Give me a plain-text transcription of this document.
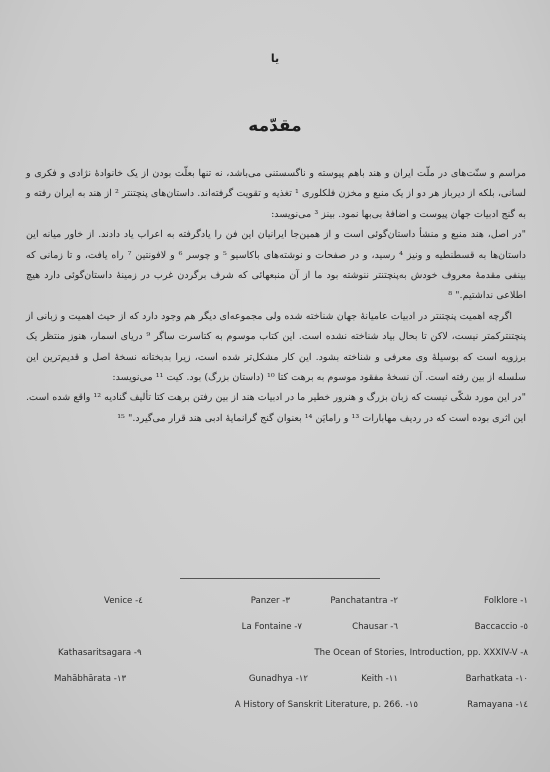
یا
مقدّمه

مراسم و سنّت‌های در ملّت ایران و هند باهم پیوسته و ناگسستنی می‌باشد، نه تنها بعلّت بودن از یک خانوادهٔ نژادی و فکری و لسانی، بلکه از دیرباز هر دو از یک منبع و مخزن فلکلوری ¹ تغذیه و تقویت گرفته‌اند. داستان‌های پنچتنتر ² از هند به ایران رفته و به گنج ادبیات جهان پیوست و اضافهٔ بی‌بها نمود. بینز ³ می‌نویسد:

"در اصل، هند منبع و منشأ داستان‌گوئی است و از همین‌جا ایرانیان این فن را یادگرفته به اعراب یاد دادند. از خاور میانه این داستان‌ها به قسطنطیه و ونیز ⁴ رسید، و در صفحات و نوشته‌های باکاسیو ⁵ و چوسر ⁶ و لافونتین ⁷ راه یافت، و تا زمانی که بینفی مقدمهٔ معروف خودش به‌پنچتنتر ننوشته بود ما از آن منبعهائی که شرف برگردن غرب در زمینهٔ داستان‌گوئی دارد هیچ اطلاعی نداشتیم." ⁸

اگرچه اهمیت پنچتنتر در ادبیات عامیانهٔ جهان شناخته شده ولی مجموعه‌ای دیگر هم وجود دارد که از حیث اهمیت و زبانی از پنچتنترکمتر نیست، لاکن تا بحال بیاد شناخته نشده است. این کتاب موسوم به کتاسرت ساگر ⁹ دریای اسمار، هنوز منتظر یک برزویه است که بوسیلهٔ وی معرفی و شناخته بشود. این کار مشکل‌تر شده است، زیرا بدبختانه نسخهٔ اصل و قدیم‌ترین این سلسله از بین رفته است. آن نسخهٔ مفقود موسوم به برهت کتا ¹⁰ (داستان بزرگ) بود. کیت ¹¹ می‌نویسد:

"در این مورد شکّی نیست که زبان بزرگ و هنرور خطیر ما در ادبیات هند از بین رفتن برهت کتا تألیف گنادیه ¹² واقع شده است. این اثری بوده است که در ردیف مهابارات ¹³ و رامایَن ¹⁴ بعنوان گنج گرانمایهٔ ادبی هند قرار می‌گیرد." ¹⁵

Folklore -١
Panchatantra -٢
Panzer -٣
Venice -٤
Baccaccio -٥
Chausar -٦
La Fontaine -٧
The Ocean of Stories, Introduction, pp. XXXIV-V -٨
Kathasaritsagara -٩
Barhatkata -١٠
Keith -١١
Gunadhya -١٢
Mahābhārata -١٣
Ramayana -١٤
A History of Sanskrit Literature, p. 266. -١٥
